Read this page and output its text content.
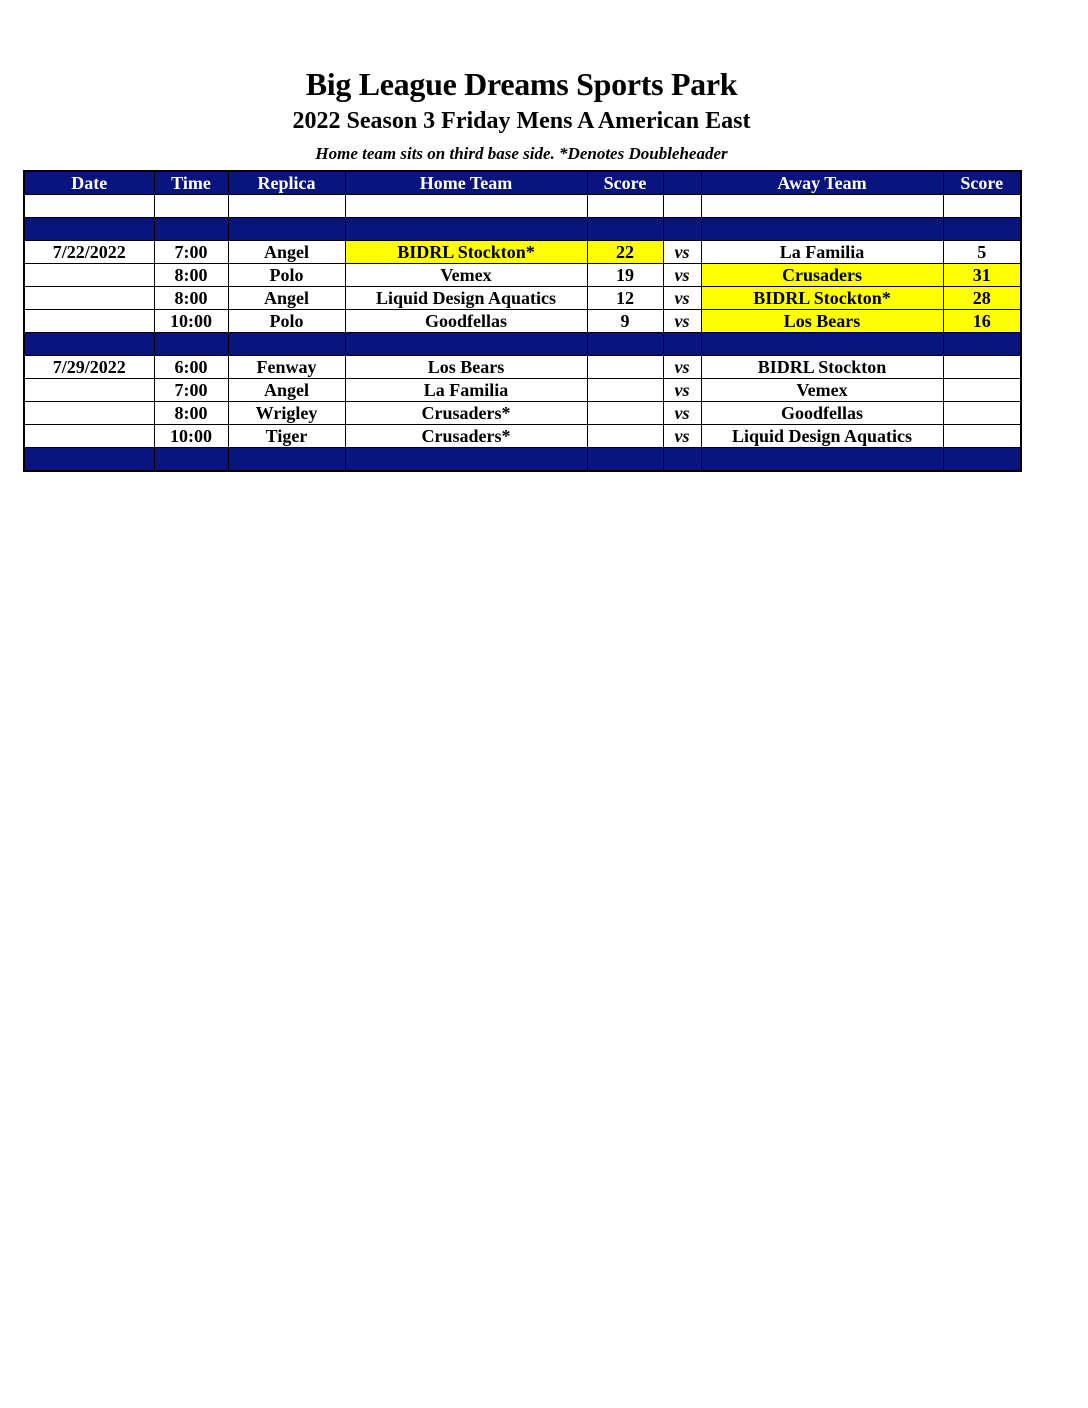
Big League Dreams Sports Park
2022 Season 3 Friday Mens A American East
Home team sits on third base side. *Denotes Doubleheader
Date	Time	Replica	Home Team	Score		Away Team	Score

7/22/2022	7:00	Angel	BIDRL Stockton*	22	vs	La Familia	5
	8:00	Polo	Vemex	19	vs	Crusaders	31
	8:00	Angel	Liquid Design Aquatics	12	vs	BIDRL Stockton*	28
	10:00	Polo	Goodfellas	9	vs	Los Bears	16

7/29/2022	6:00	Fenway	Los Bears		vs	BIDRL Stockton	
	7:00	Angel	La Familia		vs	Vemex	
	8:00	Wrigley	Crusaders*		vs	Goodfellas	
	10:00	Tiger	Crusaders*		vs	Liquid Design Aquatics	
